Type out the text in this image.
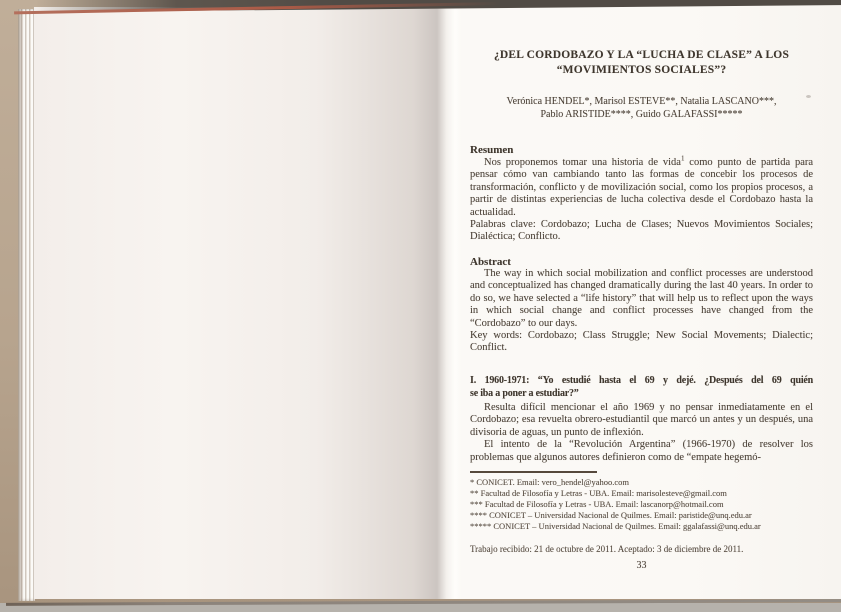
¿DEL CORDOBAZO Y LA “LUCHA DE CLASE” A LOS
“MOVIMIENTOS SOCIALES”?
Verónica HENDEL*, Marisol ESTEVE**, Natalia LASCANO***,
Pablo ARISTIDE****, Guido GALAFASSI*****
Resumen

Nos proponemos tomar una historia de vida$^1$ como punto de partida para pensar cómo van cambiando tanto las formas de concebir los procesos de transformación, conflicto y de movilización social, como los propios procesos, a partir de distintas experiencias de lucha colectiva desde el Cordobazo hasta la actualidad.

Palabras clave: Cordobazo; Lucha de Clases; Nuevos Movimientos Sociales; Dialéctica; Conflicto.

Abstract

The way in which social mobilization and conflict processes are understood and conceptualized has changed dramatically during the last 40 years. In order to do so, we have selected a “life history” that will help us to reflect upon the ways in which social change and conflict processes have changed from the “Cordobazo” to our days.

Key words: Cordobazo; Class Struggle; New Social Movements; Dialectic; Conflict.

I. 1960-1971: “Yo estudié hasta el 69 y dejé. ¿Después del 69 quién
se iba a poner a estudiar?”

Resulta difícil mencionar el año 1969 y no pensar inmediatamente en el Cordobazo; esa revuelta obrero-estudiantil que marcó un antes y un después, una divisoria de aguas, un punto de inflexión.

El intento de la “Revolución Argentina” (1966-1970) de resolver los problemas que algunos autores definieron como de “empate hegemó-

* CONICET. Email: vero_hendel@yahoo.com
** Facultad de Filosofía y Letras - UBA. Email: marisolesteve@gmail.com
*** Facultad de Filosofía y Letras - UBA. Email: lascanorp@hotmail.com
**** CONICET – Universidad Nacional de Quilmes. Email: paristide@unq.edu.ar
***** CONICET – Universidad Nacional de Quilmes. Email: ggalafassi@unq.edu.ar
Trabajo recibido: 21 de octubre de 2011. Aceptado: 3 de diciembre de 2011.
33
